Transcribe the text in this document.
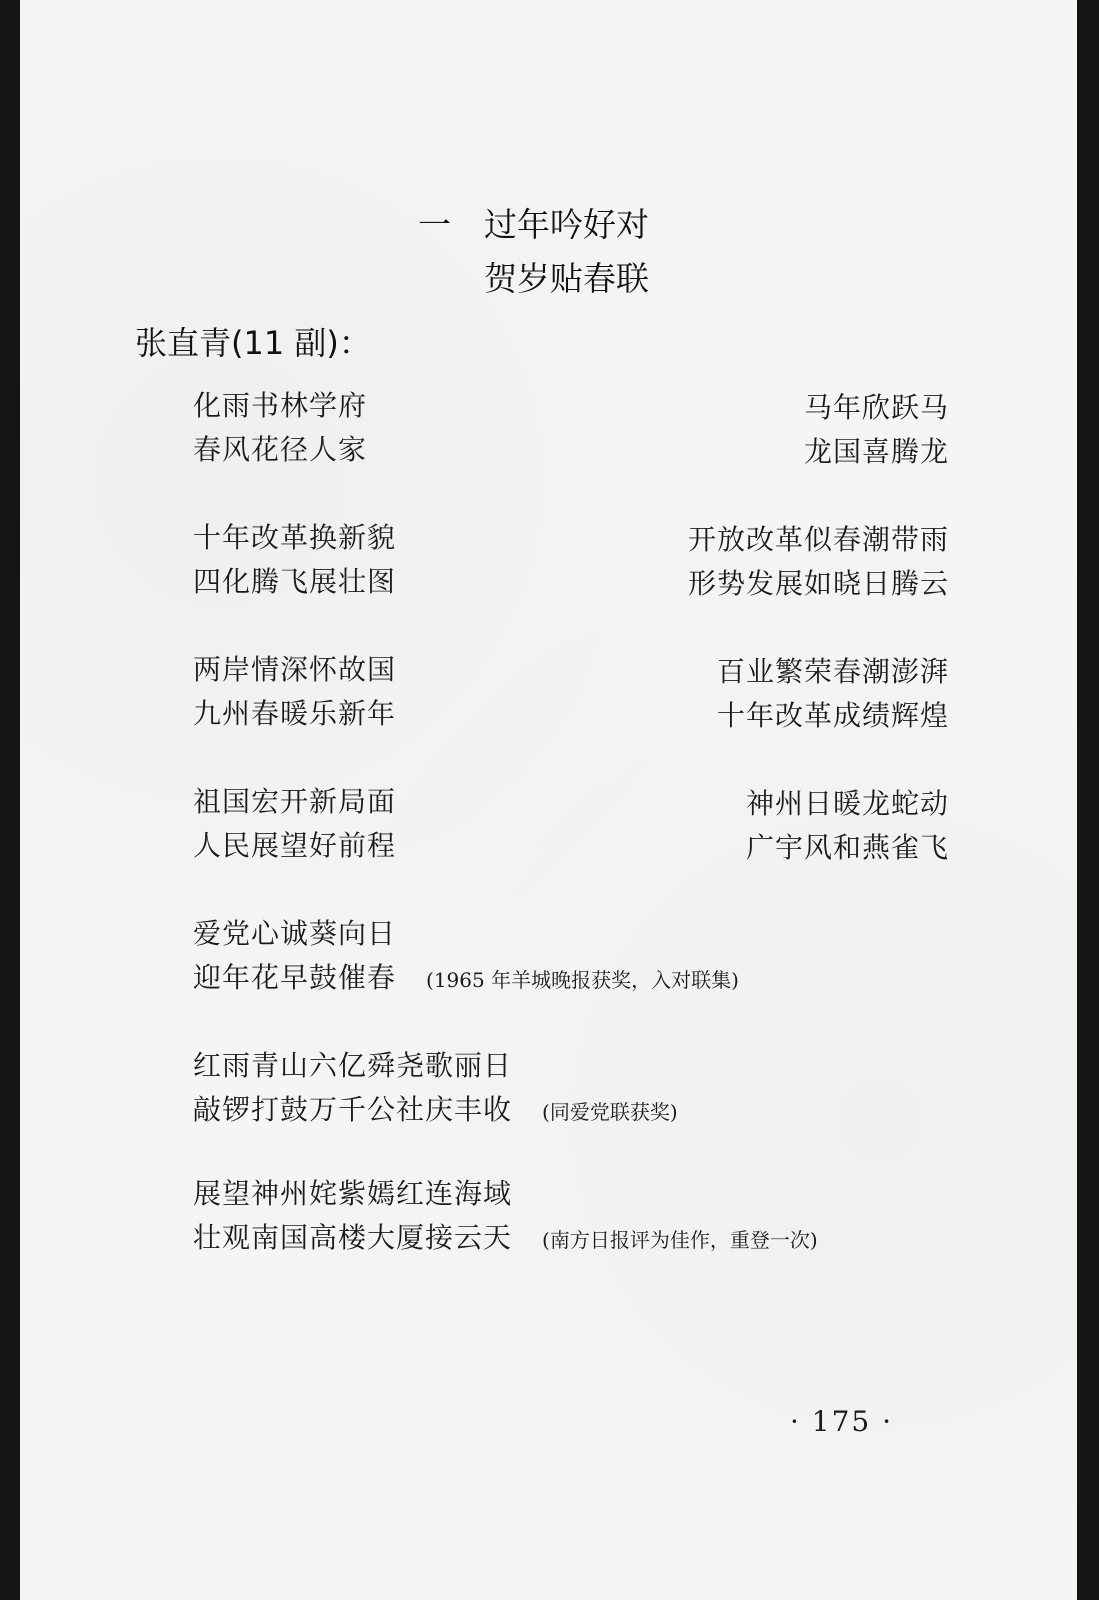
一	过年吟好对
贺岁贴春联
张直青(11 副)：
化雨书林学府
春风花径人家
马年欣跃马
龙国喜腾龙
十年改革换新貌
四化腾飞展壮图
开放改革似春潮带雨
形势发展如晓日腾云
两岸情深怀故国
九州春暖乐新年
百业繁荣春潮澎湃
十年改革成绩辉煌
祖国宏开新局面
人民展望好前程
神州日暖龙蛇动
广宇风和燕雀飞
爱党心诚葵向日
迎年花早鼓催春 (1965 年羊城晚报获奖，入对联集)
红雨青山六亿舜尧歌丽日
敲锣打鼓万千公社庆丰收 (同爱党联获奖)
展望神州姹紫嫣红连海域
壮观南国高楼大厦接云天 (南方日报评为佳作，重登一次)
· 175 ·
